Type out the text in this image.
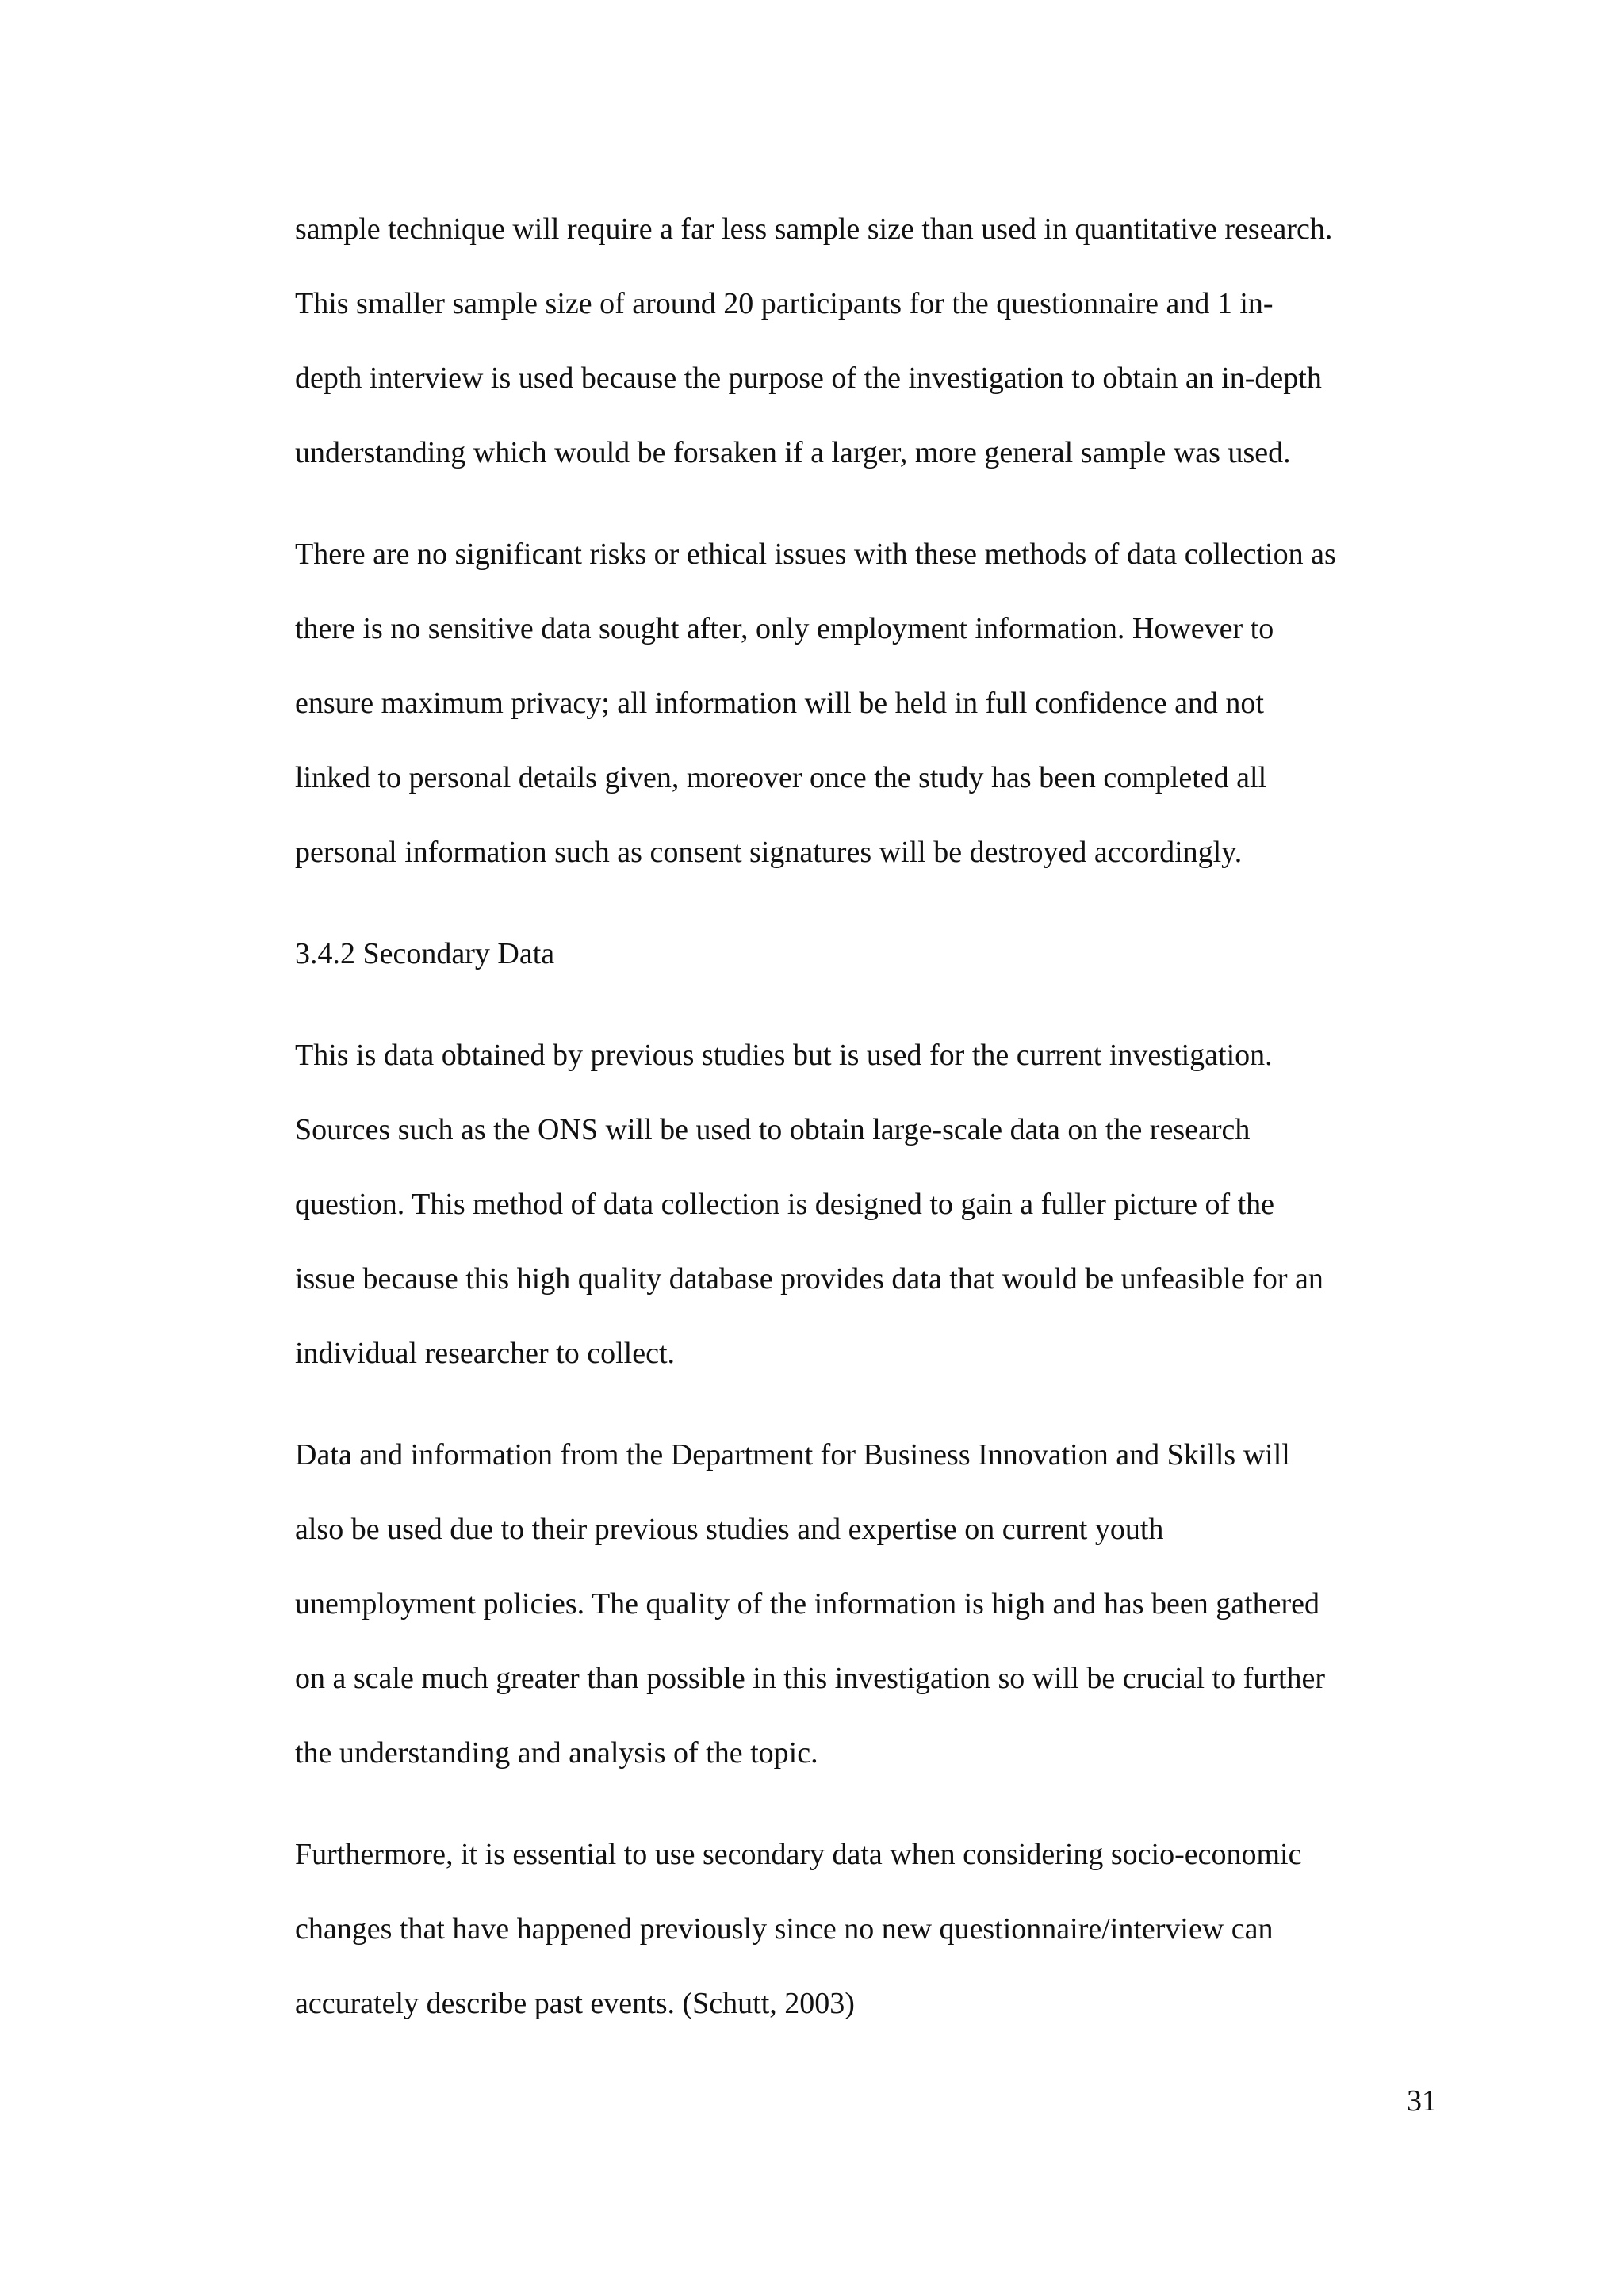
sample technique will require a far less sample size than used in quantitative research.

This smaller sample size of around 20 participants for the questionnaire and 1 in-

depth interview is used because the purpose of the investigation to obtain an in-depth

understanding which would be forsaken if a larger, more general sample was used.

There are no significant risks or ethical issues with these methods of data collection as

there is no sensitive data sought after, only employment information. However to

ensure maximum privacy; all information will be held in full confidence and not

linked to personal details given, moreover once the study has been completed all

personal information such as consent signatures will be destroyed accordingly.

3.4.2 Secondary Data

This is data obtained by previous studies but is used for the current investigation.

Sources such as the ONS will be used to obtain large-scale data on the research

question. This method of data collection is designed to gain a fuller picture of the

issue because this high quality database provides data that would be unfeasible for an

individual researcher to collect.

Data and information from the Department for Business Innovation and Skills will

also be used due to their previous studies and expertise on current youth

unemployment policies. The quality of the information is high and has been gathered

on a scale much greater than possible in this investigation so will be crucial to further

the understanding and analysis of the topic.

Furthermore, it is essential to use secondary data when considering socio-economic

changes that have happened previously since no new questionnaire/interview can

accurately describe past events. (Schutt, 2003)

31
